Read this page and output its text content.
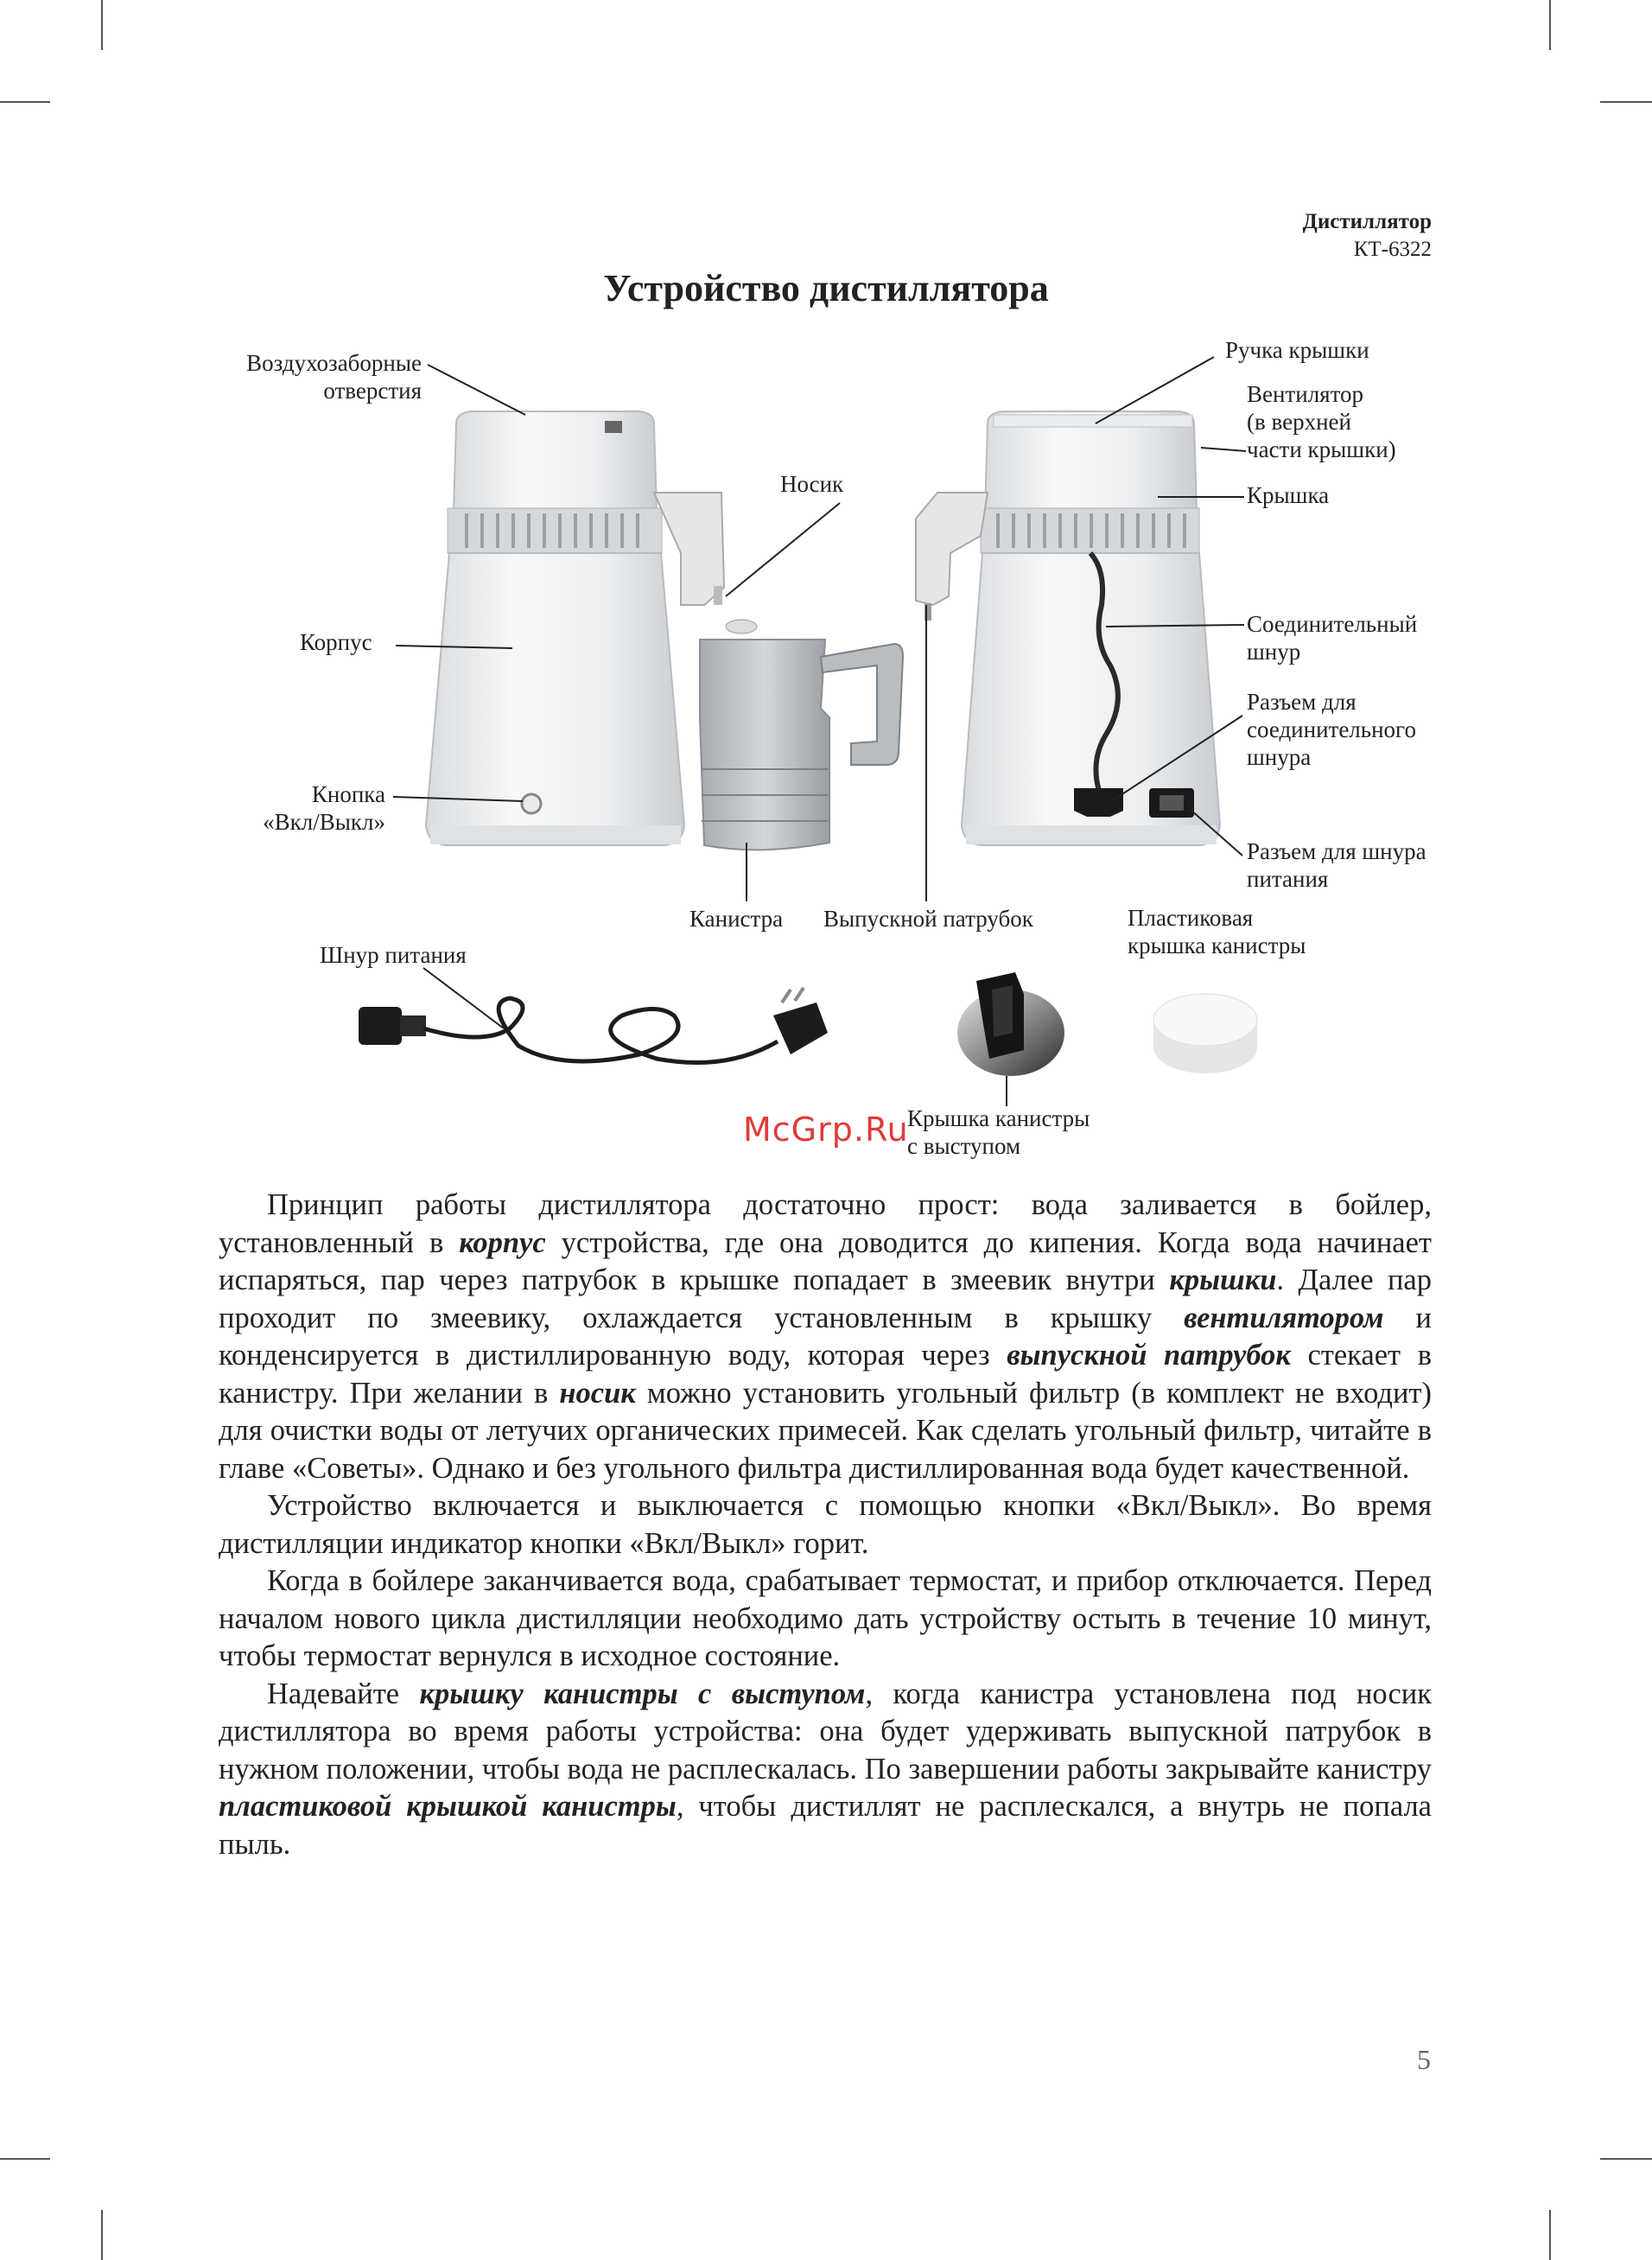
Дистиллятор
КТ-6322
Устройство дистиллятора
Воздухозаборные
отверстия
Носик
Корпус
Кнопка
«Вкл/Выкл»
Ручка крышки
Вентилятор
(в верхней
части крышки)
Крышка
Соединительный
шнур
Разъем для
соединительного
шнура
Разъем для шнура
питания
Канистра Выпускной патрубок	Пластиковая
крышка канистры
Шнур питания
Крышка канистры
с выступом
McGrp.Ru

Принцип работы дистиллятора достаточно прост: вода заливается в бойлер, установленный в корпус устройства, где она доводится до кипения. Когда вода начинает испаряться, пар через патрубок в крышке попадает в змеевик внутри крышки. Далее пар проходит по змеевику, охлаждается установленным в крышку вентилятором и конденсируется в дистиллированную воду, которая через выпускной патрубок стекает в канистру. При желании в носик можно установить угольный фильтр (в комплект не входит) для очистки воды от летучих органических примесей. Как сделать угольный фильтр, читайте в главе «Советы». Однако и без угольного фильтра дистиллированная вода будет качественной.

Устройство включается и выключается с помощью кнопки «Вкл/Выкл». Во время дистилляции индикатор кнопки «Вкл/Выкл» горит.

Когда в бойлере заканчивается вода, срабатывает термостат, и прибор отключается. Перед началом нового цикла дистилляции необходимо дать устройству остыть в течение 10 минут, чтобы термостат вернулся в исходное состояние.

Надевайте крышку канистры с выступом, когда канистра установлена под носик дистиллятора во время работы устройства: она будет удерживать выпускной патрубок в нужном положении, чтобы вода не расплескалась. По завершении работы закрывайте канистру пластиковой крышкой канистры, чтобы дистиллят не расплескался, а внутрь не попала пыль.

5
